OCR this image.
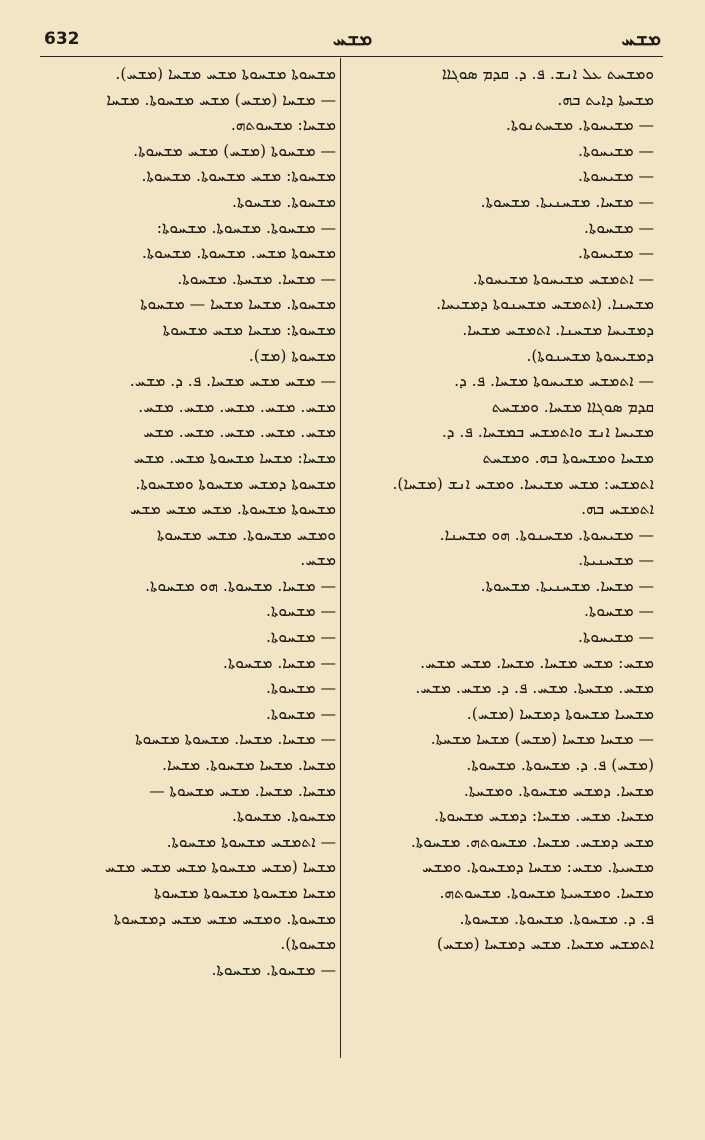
632	ܡܫܚ	ܡܫܚ
ܘܡܫܚܬ ܥܠ ܐܢܫ. ܦ. ܕ. ܩܕܡ ܣܘܓܐܐ
ܡܫܚܬܐ ܕܐܝܬ ܒܗ.
— ܡܫܝܚܘܬܐ. ܡܫܚܬܢܘܬܐ.
— ܡܫܝܚܘܬܐ.
— ܡܫܝܚܘܬܐ.
— ܡܫܚܐ. ܡܫܚܢܝܬܐ. ܡܫܚܘܬܐ.
— ܡܫܚܘܬܐ.
— ܡܫܝܚܘܬܐ.
— ܐܬܡܫܚ ܡܫܝܚܘܬܐ ܡܫܝܚܘܬܐ.
ܡܫܚܢܐ. (ܐܬܡܫܚ ܡܫܚܢܘܬܐ ܕܡܫܝܚܐ.
ܕܡܫܝܚܐ ܡܫܚܢܐ. ܐܬܡܫܚ ܡܫܚܐ.
ܕܡܫܝܚܘܬܐ ܡܫܚܢܘܬܐ).
— ܐܬܡܫܚ ܡܫܝܚܘܬܐ ܡܫܚܐ. ܦ. ܕ.
ܩܕܡ ܣܘܓܐܐ ܡܫܚܐ. ܘܡܫܚܬ
ܡܫܝܚܐ ܐܢܫ ܘܐܬܡܫܚ ܒܡܫܚܐ. ܦ. ܕ.
ܡܫܚܐ ܘܡܫܚܘܬܐ ܒܗ. ܘܡܫܚܬ
ܐܬܡܫܚ: ܡܫܚ ܡܫܝܚܐ. ܘܡܫܚ ܐܢܫ (ܡܫܚܐ).
ܐܬܡܫܚ ܒܗ.
— ܡܫܝܚܘܬܐ. ܡܫܚܢܘܬܐ. ܗܘ ܡܫܚܢܐ.
— ܡܫܚܢܝܬܐ.
— ܡܫܚܐ. ܡܫܚܢܝܬܐ. ܡܫܚܘܬܐ.
— ܡܫܚܘܬܐ.
— ܡܫܝܚܘܬܐ.
ܡܫܚ: ܡܫܚ ܡܫܚܐ. ܡܫܚܐ. ܡܫܚ ܡܫܚ.
ܡܫܚ. ܡܫܚܬܐ. ܡܫܚ. ܦ. ܕ. ܡܫܚ. ܡܫܚ.
ܡܫܚܝܐ ܡܫܚܘܬܐ ܕܡܫܚܐ (ܡܫܚ).
— ܡܫܚܐ ܡܫܚܐ (ܡܫܚ) ܡܫܚܐ ܡܫܚܬܐ.
(ܡܫܚ) ܦ. ܕ. ܡܫܚܘܬܐ. ܡܫܚܘܬܐ.
ܡܫܚܐ. ܕܡܫܚ ܡܫܚܘܬܐ. ܘܡܫܚܬܐ.
ܡܫܚܐ. ܡܫܚ. ܡܫܚܐ: ܕܡܫܚ ܡܫܚܘܬܐ.
ܡܫܚ ܕܡܫܚ. ܡܫܚܐ. ܡܫܚܘܬܗ. ܡܫܚܘܬܐ.
ܡܫܚܝܬܐ. ܡܫܚ: ܡܫܚܐ ܕܡܫܚܘܬܐ. ܘܡܫܚ
ܡܫܚܐ. ܘܡܫܚܝܬܐ ܡܫܚܘܬܐ. ܡܫܚܘܬܗ.
ܦ. ܕ. ܡܫܚܘܬܐ. ܡܫܚܘܬܐ. ܡܫܚܘܬܐ.
ܐܬܡܫܚ ܡܫܚܐ. ܡܫܚ ܕܡܫܚܐ (ܡܫܚ)
ܡܫܚܘܬܐ ܡܫܚܘܬܐ ܡܫܚ ܡܫܚܐ (ܡܫܚ).
— ܡܫܚܐ (ܡܫܚ) ܡܫܚ ܡܫܚܘܬܐ. ܡܫܚܐ
ܡܫܚܐ: ܡܫܚܘܬܗ.
— ܡܫܚܘܬܐ (ܡܫܚ) ܡܫܚ ܡܫܚܘܬܐ.
ܡܫܚܘܬܐ: ܡܫܚ ܡܫܚܘܬܐ. ܡܫܚܘܬܐ.
ܡܫܚܘܬܐ. ܡܫܚܘܬܐ.
— ܡܫܚܘܬܐ. ܡܫܚܘܬܐ. ܡܫܚܘܬܐ:
ܡܫܚܘܬܐ ܡܫܚ. ܡܫܚܘܬܐ. ܡܫܚܘܬܐ.
— ܡܫܚܐ. ܡܫܚܬܐ. ܡܫܚܘܬܐ.
ܡܫܚܘܬܐ. ܡܫܚܐ ܡܫܚܐ — ܡܫܚܘܬܐ
ܡܫܚܘܬܐ: ܡܫܚܐ ܡܫܚ ܡܫܚܘܬܐ
ܡܫܚܘܬܐ (ܡܫ).
— ܡܫܚ ܡܫܚ ܡܫܚܐ. ܦ. ܕ. ܡܫܚ.
ܡܫܚ. ܡܫܚ. ܡܫܚ. ܡܫܚ. ܡܫܚ.
ܡܫܚ. ܡܫܚ. ܡܫܚ. ܡܫܚ. ܡܫܚ
ܡܫܚܐ: ܡܫܚܐ ܡܫܚܘܬܐ ܡܫܚ. ܡܫܚ
ܡܫܚܘܬܐ ܕܡܫܚ ܡܫܚܘܬܐ ܘܡܫܚܘܬܐ.
ܡܫܚܘܬܐ ܡܫܚܘܬܐ. ܡܫܚ ܡܫܚ ܡܫܚ
ܘܡܫܚ ܡܫܚܘܬܐ. ܡܫܚ ܡܫܚܘܬܐ
ܡܫܚ.
— ܡܫܚܐ. ܡܫܚܘܬܐ. ܗܘ ܡܫܚܘܬܐ.
— ܡܫܚܘܬܐ.
— ܡܫܚܘܬܐ.
— ܡܫܚܐ. ܡܫܚܘܬܐ.
— ܡܫܚܘܬܐ.
— ܡܫܚܘܬܐ.
— ܡܫܚܐ. ܡܫܚܐ. ܡܫܚܘܬܐ ܡܫܚܘܬܐ
ܡܫܚܐ. ܡܫܚܐ ܡܫܚܘܬܐ. ܡܫܚܐ.
ܡܫܚܐ. ܡܫܚܐ. ܡܫܚ ܡܫܚܘܬܐ —
ܡܫܚܘܬܐ. ܡܫܚܘܬܐ.
— ܐܬܡܫܚ ܡܫܚܘܬܐ ܡܫܚܘܬܐ.
ܡܫܚܐ (ܡܫܚ ܡܫܚܘܬܐ ܡܫܚ ܡܫܚ ܡܫܚ
ܡܫܚܐ ܡܫܚܘܬܐ ܡܫܚܘܬܐ ܡܫܚܘܬܐ
ܡܫܚܘܬܐ. ܘܡܫܚ ܡܫܚ ܡܫܚ ܕܡܫܚܘܬܐ
ܡܫܚܘܬܐ).
— ܡܫܚܘܬܐ. ܡܫܚܘܬܐ.
